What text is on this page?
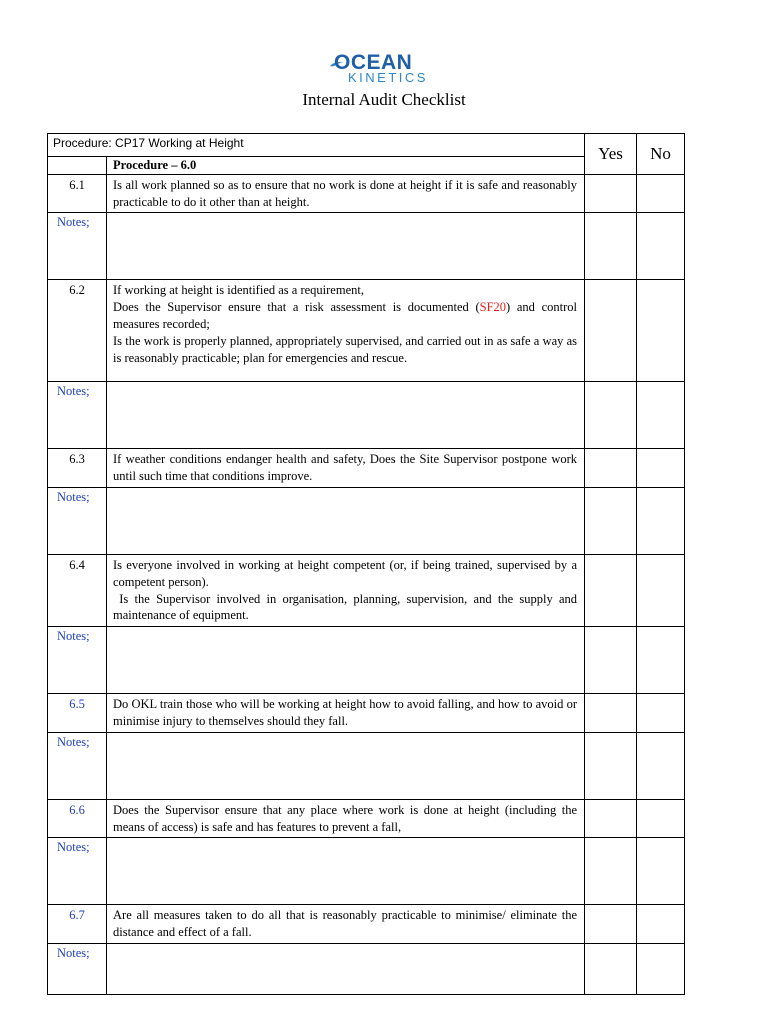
OCEAN
KINETICS
Internal Audit Checklist
Procedure: CP17 Working at Height		Yes	No
	Procedure – 6.0		
6.1	Is all work planned so as to ensure that no work is done at height if it is safe and reasonably practicable to do it other than at height.		

Notes;			
6.2	If working at height is identified as a requirement,
Does the Supervisor ensure that a risk assessment is documented (SF20) and control measures recorded;
Is the work is properly planned, appropriately supervised, and carried out in as safe a way as is reasonably practicable; plan for emergencies and rescue.		

Notes;			
6.3	If weather conditions endanger health and safety, Does the Site Supervisor postpone work until such time that conditions improve.		

Notes;			
6.4	Is everyone involved in working at height competent (or, if being trained, supervised by a competent person).
Is the Supervisor involved in organisation, planning, supervision, and the supply and maintenance of equipment.		

Notes;			
6.5	Do OKL train those who will be working at height how to avoid falling, and how to avoid or minimise injury to themselves should they fall.		

Notes;			
6.6	Does the Supervisor ensure that any place where work is done at height (including the means of access) is safe and has features to prevent a fall,		

Notes;			
6.7	Are all measures taken to do all that is reasonably practicable to minimise/ eliminate the distance and effect of a fall.		

Notes;			
